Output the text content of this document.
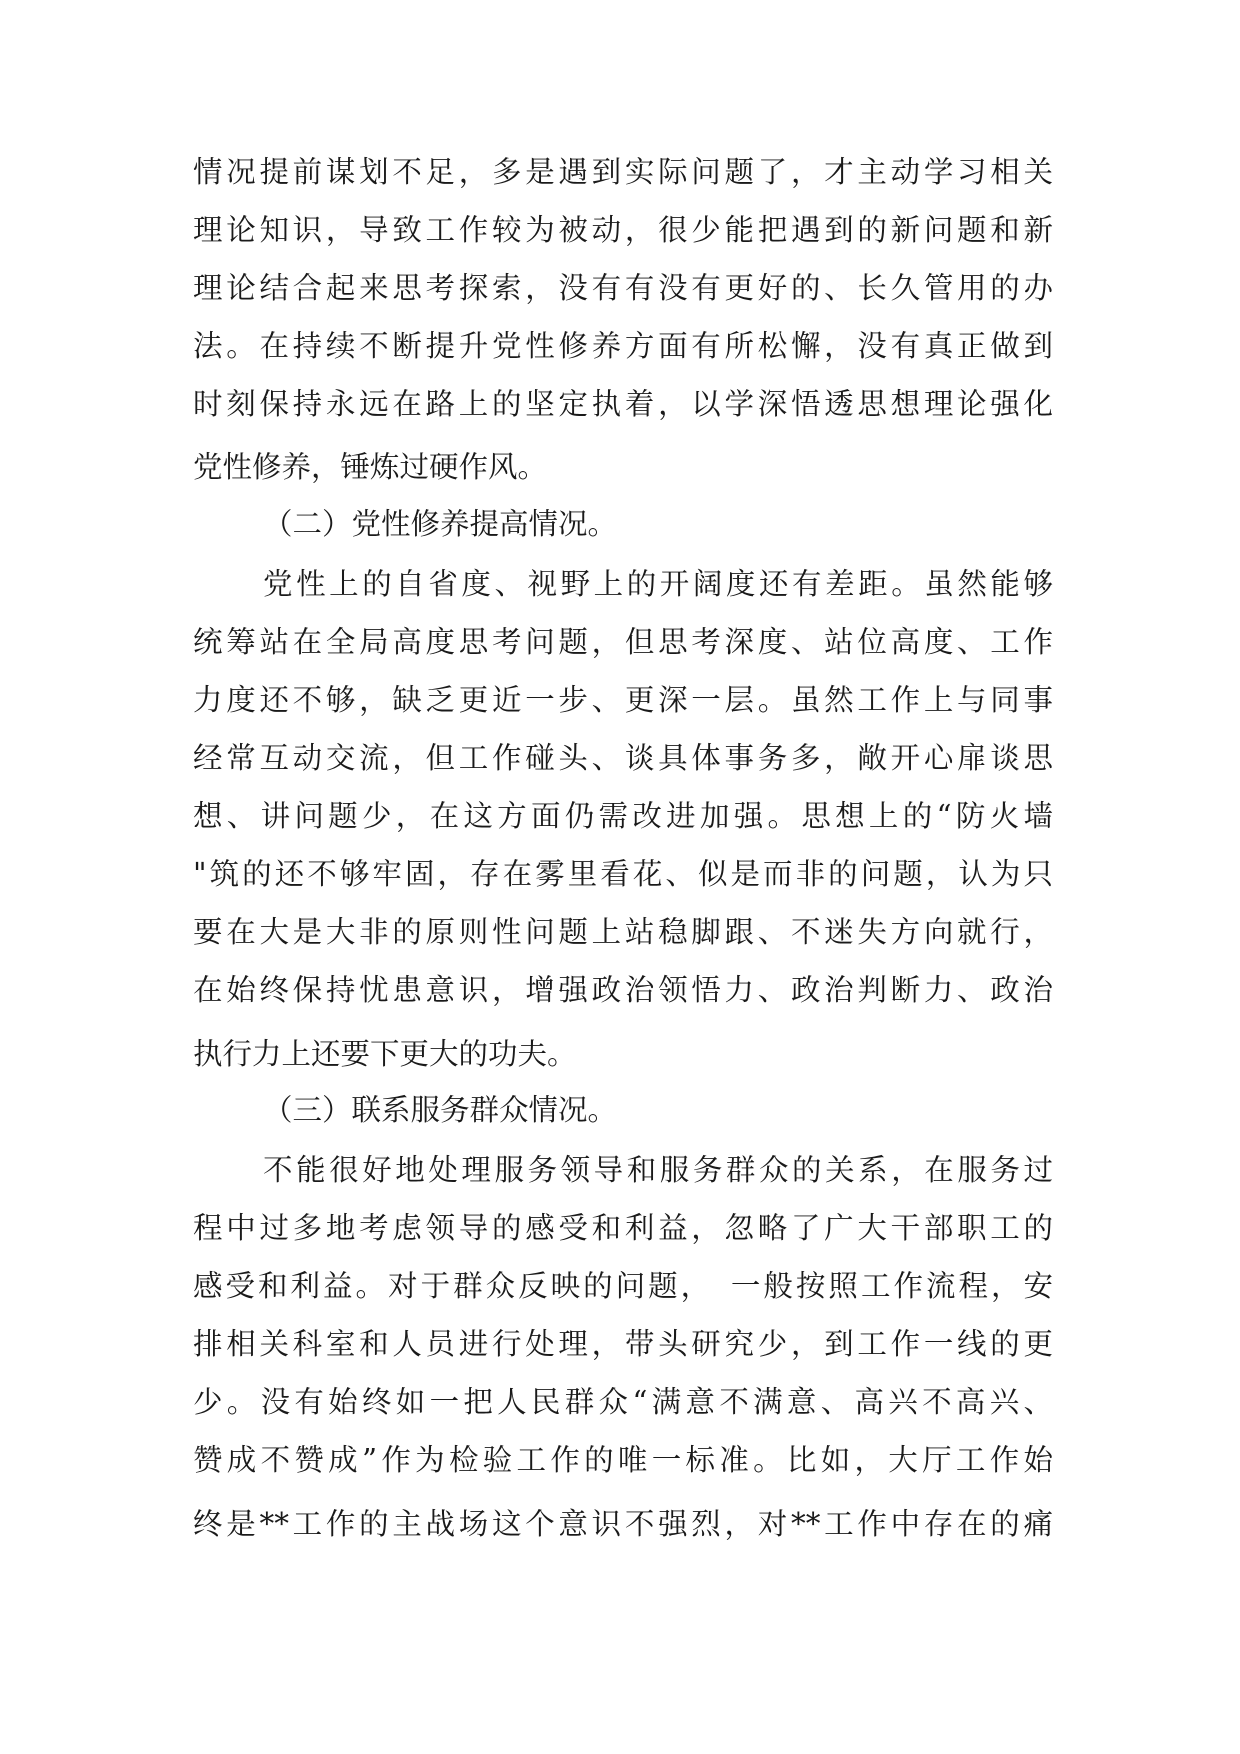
情况提前谋划不足，多是遇到实际问题了，才主动学习相关
理论知识，导致工作较为被动，很少能把遇到的新问题和新
理论结合起来思考探索，没有有没有更好的、长久管用的办
法。在持续不断提升党性修养方面有所松懈，没有真正做到
时刻保持永远在路上的坚定执着，以学深悟透思想理论强化
党性修养，锤炼过硬作风。
（二）党性修养提高情况。
党性上的自省度、视野上的开阔度还有差距。虽然能够
统筹站在全局高度思考问题，但思考深度、站位高度、工作
力度还不够，缺乏更近一步、更深一层。虽然工作上与同事
经常互动交流，但工作碰头、谈具体事务多，敞开心扉谈思
想、讲问题少，在这方面仍需改进加强。思想上的“防火墙
"筑的还不够牢固，存在雾里看花、似是而非的问题，认为只
要在大是大非的原则性问题上站稳脚跟、不迷失方向就行，
在始终保持忧患意识，增强政治领悟力、政治判断力、政治
执行力上还要下更大的功夫。
（三）联系服务群众情况。
不能很好地处理服务领导和服务群众的关系，在服务过
程中过多地考虑领导的感受和利益，忽略了广大干部职工的
感受和利益。对于群众反映的问题，　一般按照工作流程，安
排相关科室和人员进行处理，带头研究少，到工作一线的更
少。没有始终如一把人民群众“满意不满意、高兴不高兴、
赞成不赞成”作为检验工作的唯一标准。比如，大厅工作始
终是**工作的主战场这个意识不强烈，对**工作中存在的痛
